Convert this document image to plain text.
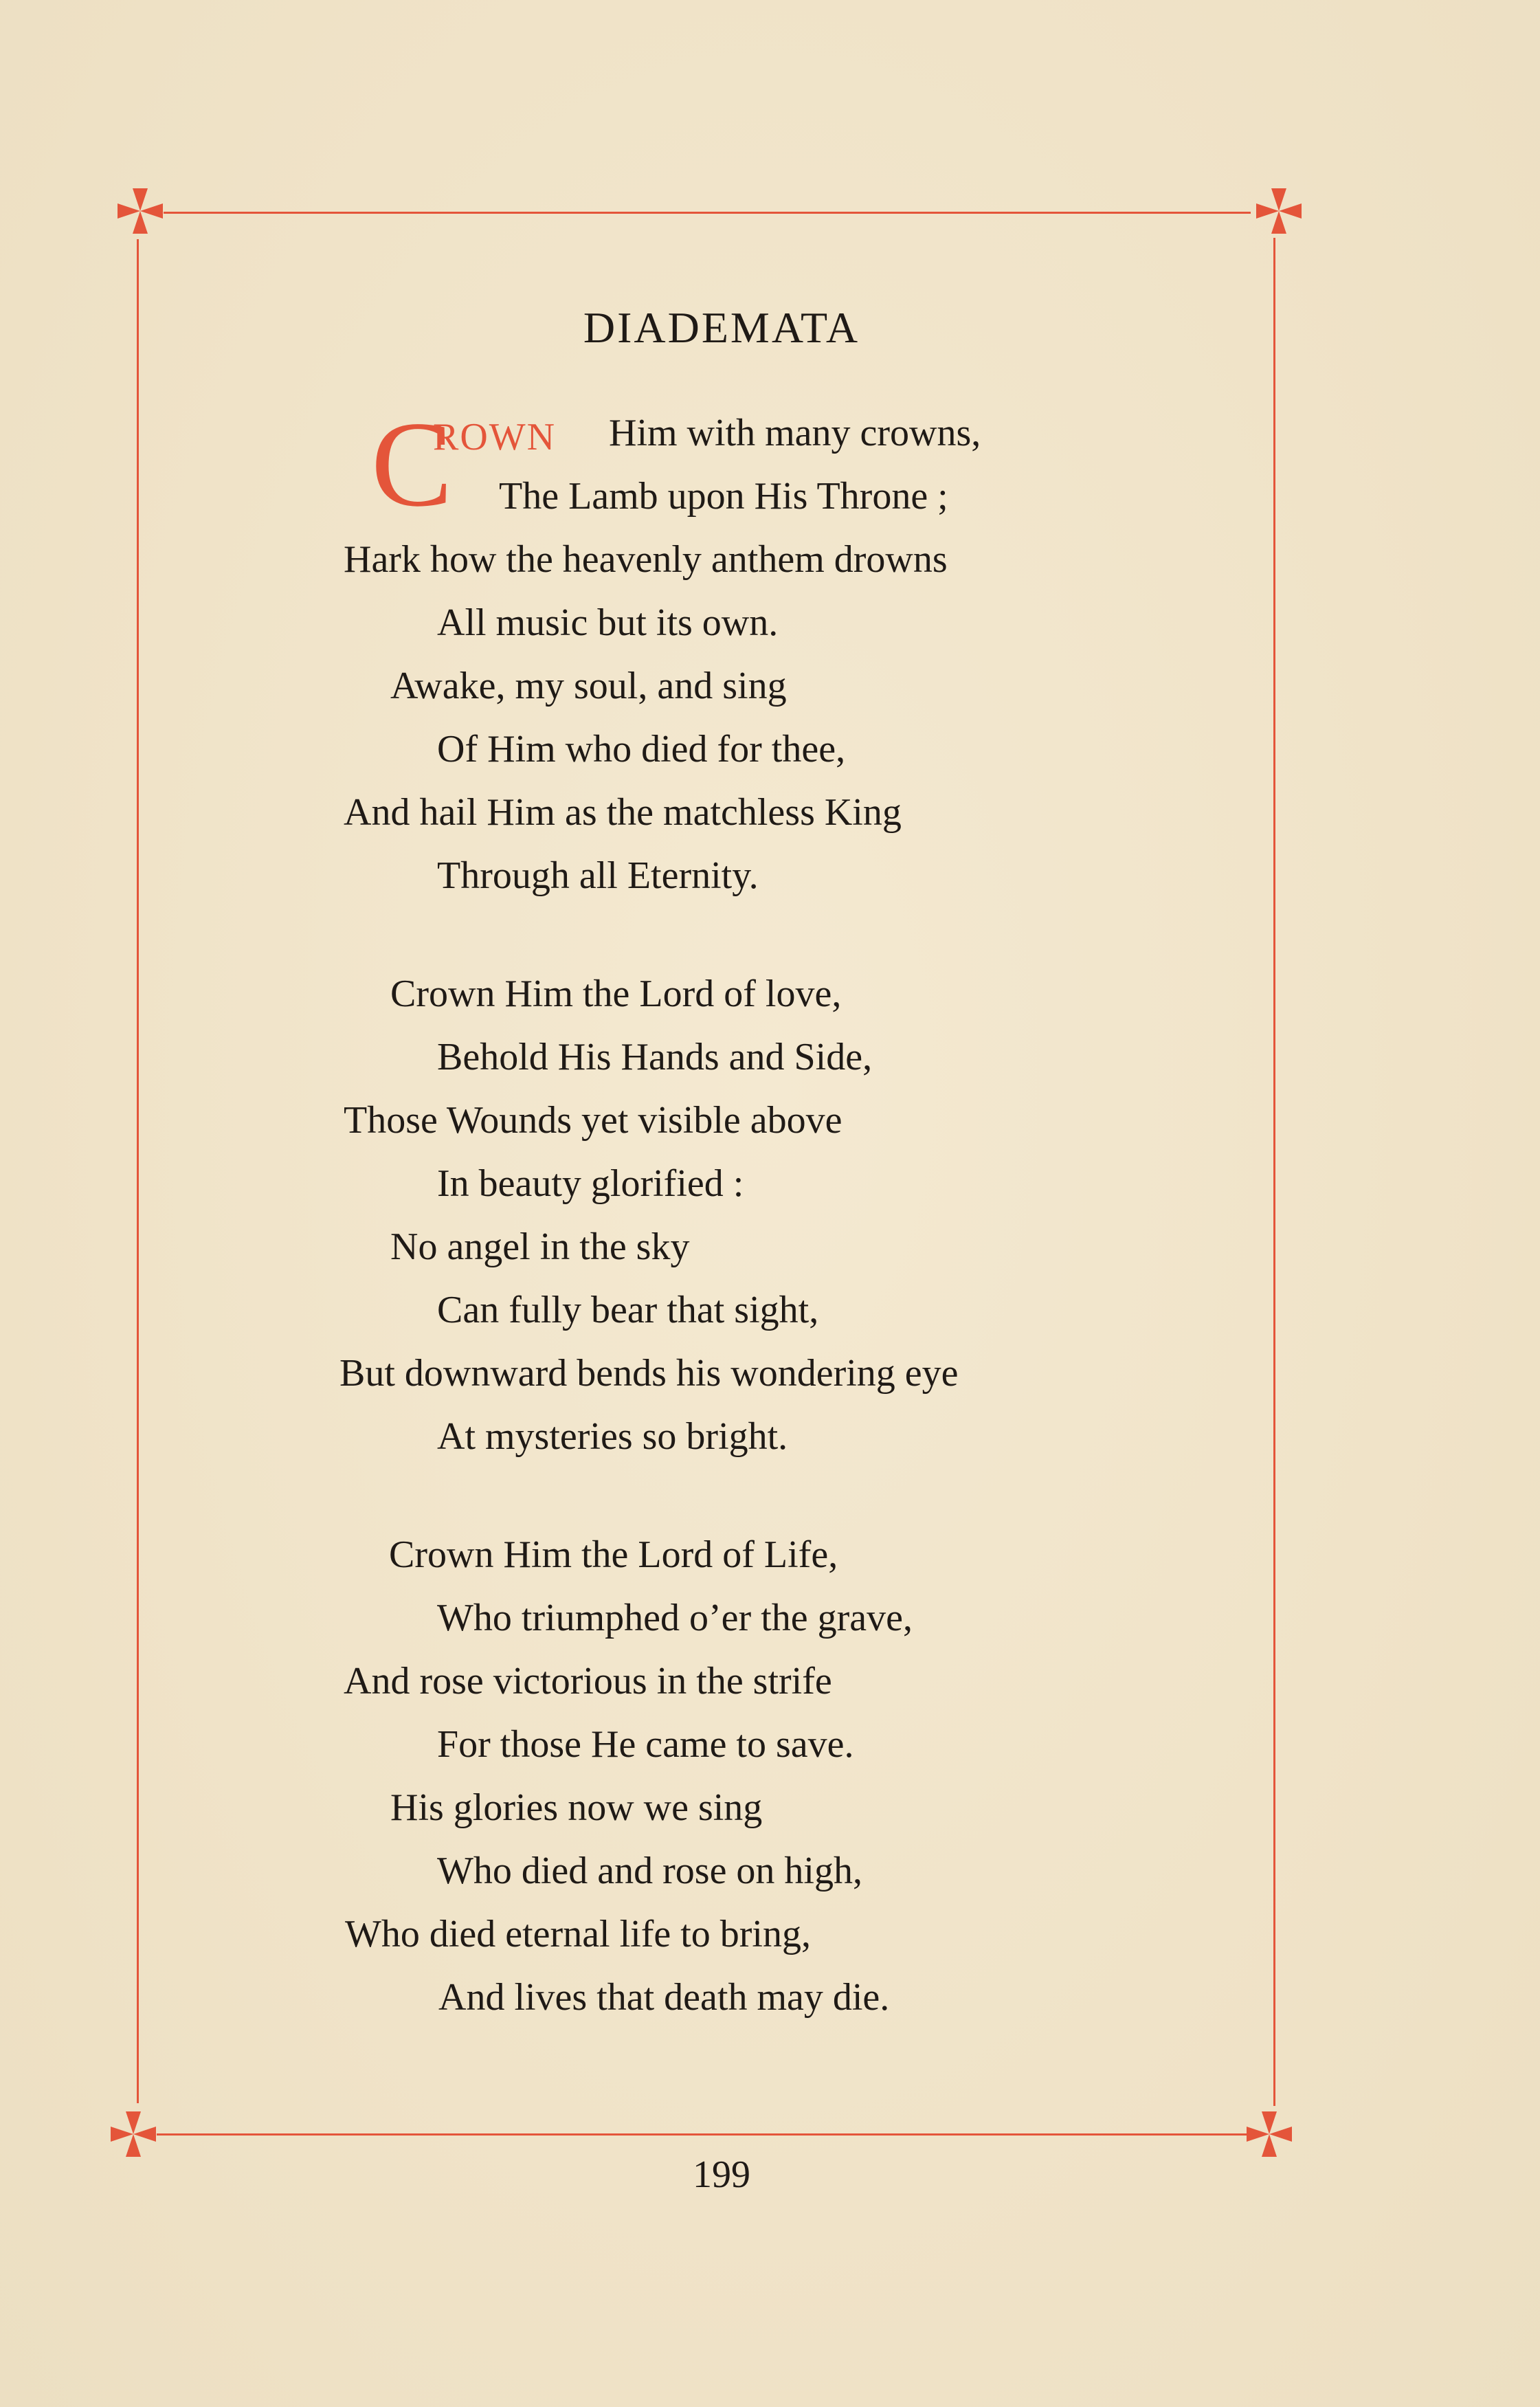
DIADEMATA
C
ROWN Him with many crowns,
The Lamb upon His Throne ;
Hark how the heavenly anthem drowns
All music but its own.
Awake, my soul, and sing
Of Him who died for thee,
And hail Him as the matchless King
Through all Eternity.
Crown Him the Lord of love,
Behold His Hands and Side,
Those Wounds yet visible above
In beauty glorified :
No angel in the sky
Can fully bear that sight,
But downward bends his wondering eye
At mysteries so bright.
Crown Him the Lord of Life,
Who triumphed o’er the grave,
And rose victorious in the strife
For those He came to save.
His glories now we sing
Who died and rose on high,
Who died eternal life to bring,
And lives that death may die.
199
